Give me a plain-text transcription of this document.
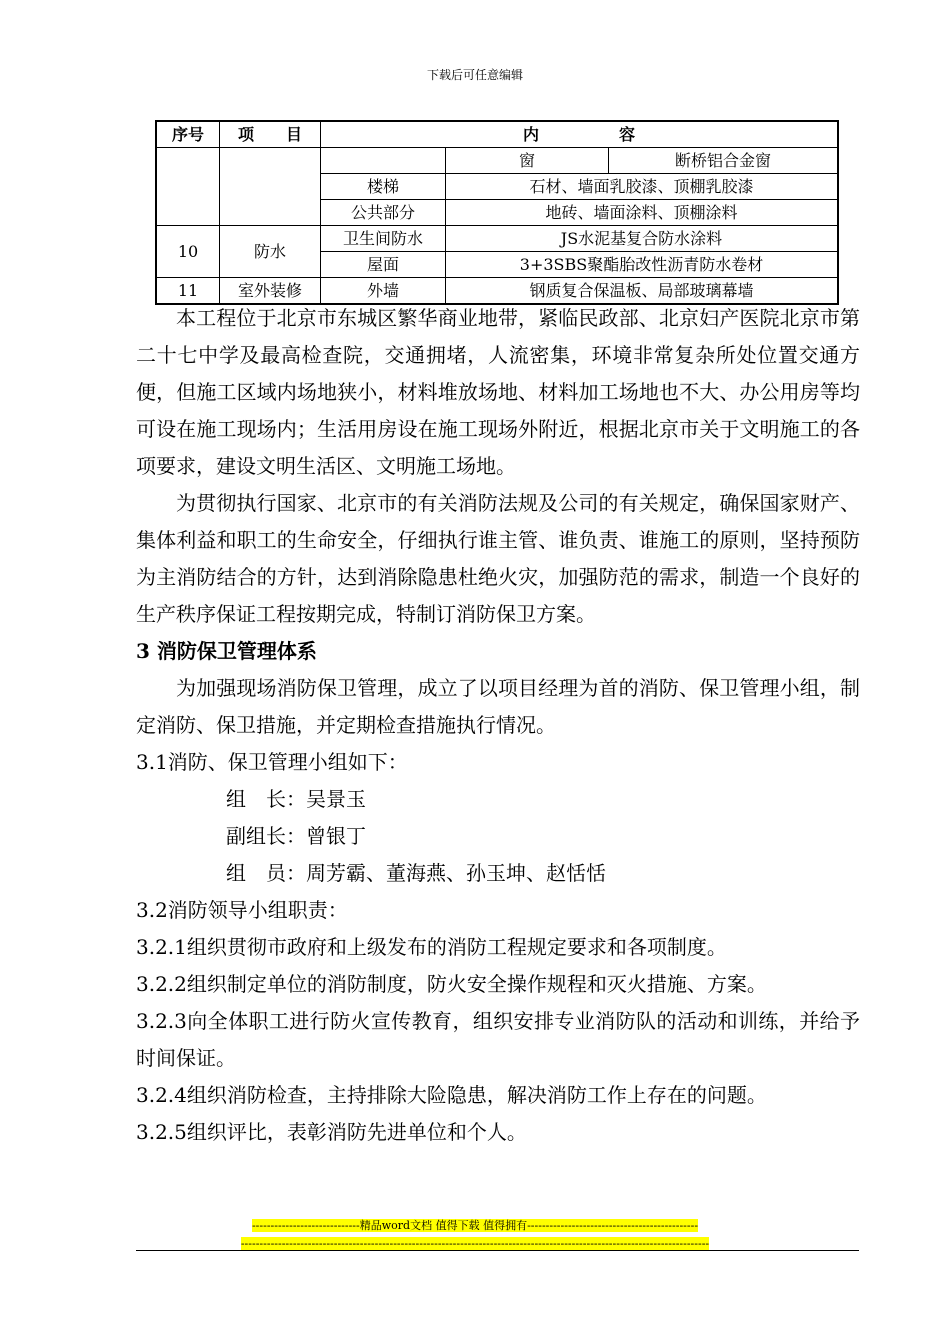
下载后可任意编辑
序号	项　　目	内　　　　　容		
			窗	断桥铝合金窗
		楼梯	石材、墙面乳胶漆、顶棚乳胶漆	
		公共部分	地砖、墙面涂料、顶棚涂料	
10	防水	卫生间防水	JS水泥基复合防水涂料	
		屋面	3+3SBS聚酯胎改性沥青防水卷材	
11	室外装修	外墙	钢质复合保温板、局部玻璃幕墙	

本工程位于北京市东城区繁华商业地带，紧临民政部、北京妇产医院北京市第二十七中学及最高检查院，交通拥堵，人流密集，环境非常复杂所处位置交通方便，但施工区域内场地狭小，材料堆放场地、材料加工场地也不大、办公用房等均可设在施工现场内；生活用房设在施工现场外附近，根据北京市关于文明施工的各项要求，建设文明生活区、文明施工场地。

为贯彻执行国家、北京市的有关消防法规及公司的有关规定，确保国家财产、集体利益和职工的生命安全，仔细执行谁主管、谁负责、谁施工的原则，坚持预防为主消防结合的方针，达到消除隐患杜绝火灾，加强防范的需求，制造一个良好的生产秩序保证工程按期完成，特制订消防保卫方案。

3 消防保卫管理体系

为加强现场消防保卫管理，成立了以项目经理为首的消防、保卫管理小组，制定消防、保卫措施，并定期检查措施执行情况。

3.1消防、保卫管理小组如下：

组　长：吴景玉

副组长：曾银丁

组　员：周芳霸、董海燕、孙玉坤、赵恬恬

3.2消防领导小组职责：

3.2.1组织贯彻市政府和上级发布的消防工程规定要求和各项制度。

3.2.2组织制定单位的消防制度，防火安全操作规程和灭火措施、方案。

3.2.3向全体职工进行防火宣传教育，组织安排专业消防队的活动和训练，并给予时间保证。

3.2.4组织消防检查，主持排除大险隐患，解决消防工作上存在的问题。

3.2.5组织评比，表彰消防先进单位和个人。

-----------------------------精品word文档 值得下载 值得拥有----------------------------------------------
------------------------------------------------------------------------------------------------------------------------------
